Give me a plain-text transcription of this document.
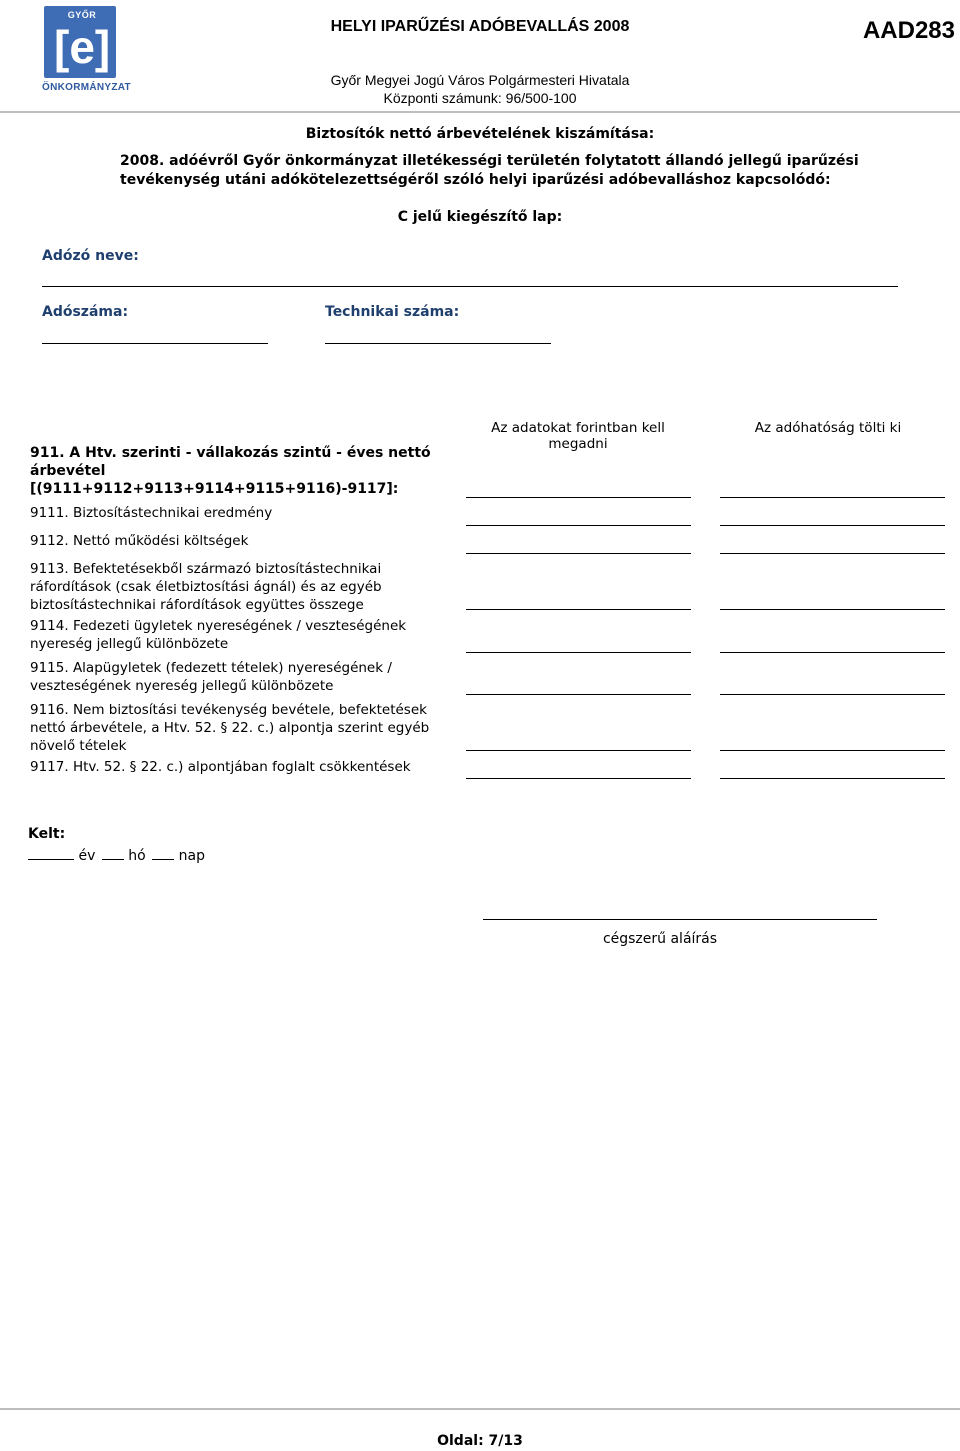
GYŐR
[e]
ÖNKORMÁNYZAT
HELYI IPARŰZÉSI ADÓBEVALLÁS 2008	AAD283
Győr Megyei Jogú Város Polgármesteri Hivatala
Központi számunk: 96/500-100
Biztosítók nettó árbevételének kiszámítása:
2008. adóévről Győr önkormányzat illetékességi területén folytatott állandó jellegű iparűzési tevékenység utáni adókötelezettségéről szóló helyi iparűzési adóbevalláshoz kapcsolódó:
C jelű kiegészítő lap:
Adózó neve:
Adószáma:	Technikai száma:
Az adatokat forintban kell megadni
Az adóhatóság tölti ki
911. A Htv. szerinti - vállakozás szintű - éves nettó árbevétel [(9111+9112+9113+9114+9115+9116)-9117]:
9111. Biztosítástechnikai eredmény
9112. Nettó működési költségek
9113. Befektetésekből származó biztosítástechnikai ráfordítások (csak életbiztosítási ágnál) és az egyéb biztosítástechnikai ráfordítások együttes összege
9114. Fedezeti ügyletek nyereségének / veszteségének nyereség jellegű különbözete
9115. Alapügyletek (fedezett tételek) nyereségének / veszteségének nyereség jellegű különbözete
9116. Nem biztosítási tevékenység bevétele, befektetések nettó árbevétele, a Htv. 52. § 22. c.) alpontja szerint egyéb növelő tételek
9117. Htv. 52. § 22. c.) alpontjában foglalt csökkentések
Kelt:
év hó nap
cégszerű aláírás
Oldal: 7/13
